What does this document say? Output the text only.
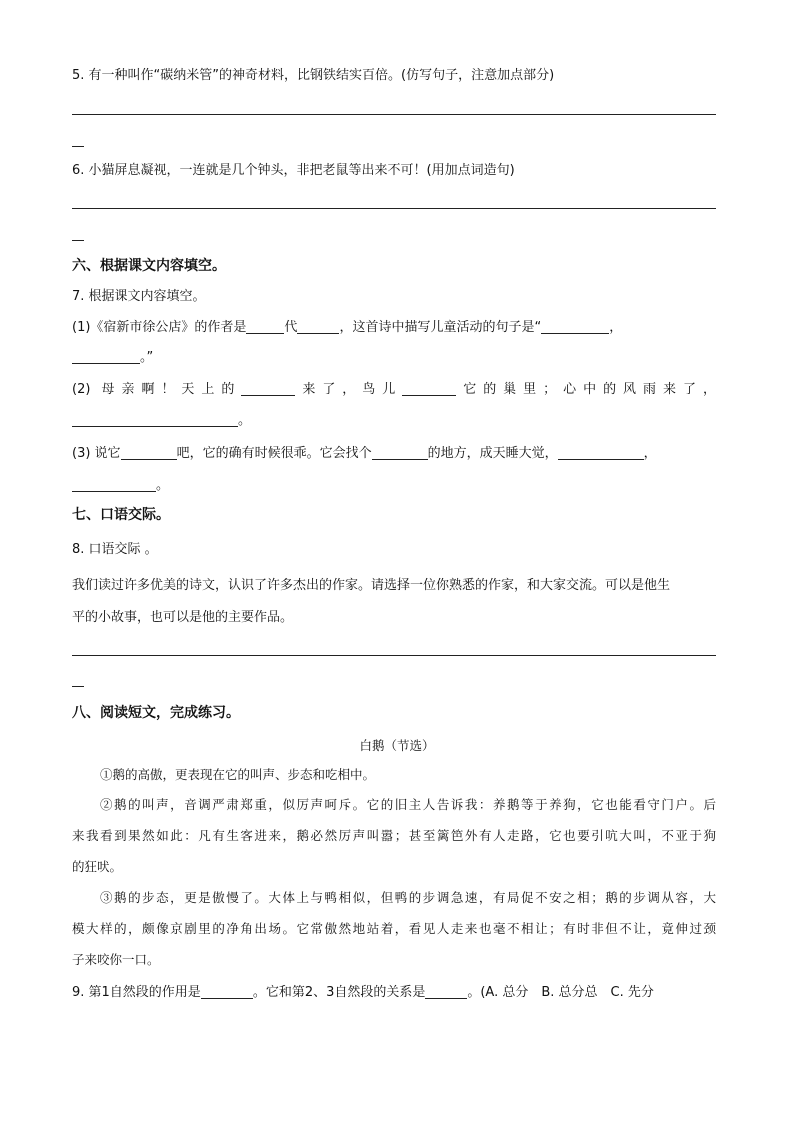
5. 有一种叫作“碳纳米管”的神奇材料，比钢铁结实百倍。(仿写句子，注意加点部分)
6. 小猫屏息凝视，一连就是几个钟头，非把老鼠等出来不可！(用加点词造句)
六、根据课文内容填空。
7. 根据课文内容填空。
(1)《宿新市徐公店》的作者是	代	，这首诗中描写儿童活动的句子是“	，
。”
(2) 母亲啊！天上的	来了，鸟儿	它的巢里；心中的风雨来了，
。
(3) 说它	吧，它的确有时候很乖。它会找个	的地方，成天睡大觉，	，
。
七、口语交际。
8. 口语交际 。
我们读过许多优美的诗文，认识了许多杰出的作家。请选择一位你熟悉的作家，和大家交流。可以是他生
平的小故事，也可以是他的主要作品。
八、阅读短文，完成练习。
白鹅（节选）
①鹅的高傲，更表现在它的叫声、步态和吃相中。
②鹅的叫声，音调严肃郑重，似厉声呵斥。它的旧主人告诉我：养鹅等于养狗，它也能看守门户。后
来我看到果然如此：凡有生客进来，鹅必然厉声叫嚣；甚至篱笆外有人走路，它也要引吭大叫，不亚于狗
的狂吠。
③鹅的步态，更是傲慢了。大体上与鸭相似，但鸭的步调急速，有局促不安之相；鹅的步调从容，大
模大样的，颇像京剧里的净角出场。它常傲然地站着，看见人走来也毫不相让；有时非但不让，竟伸过颈
子来咬你一口。
9. 第1自然段的作用是	。它和第2、3自然段的关系是	。(A. 总分　B. 总分总　C. 先分
